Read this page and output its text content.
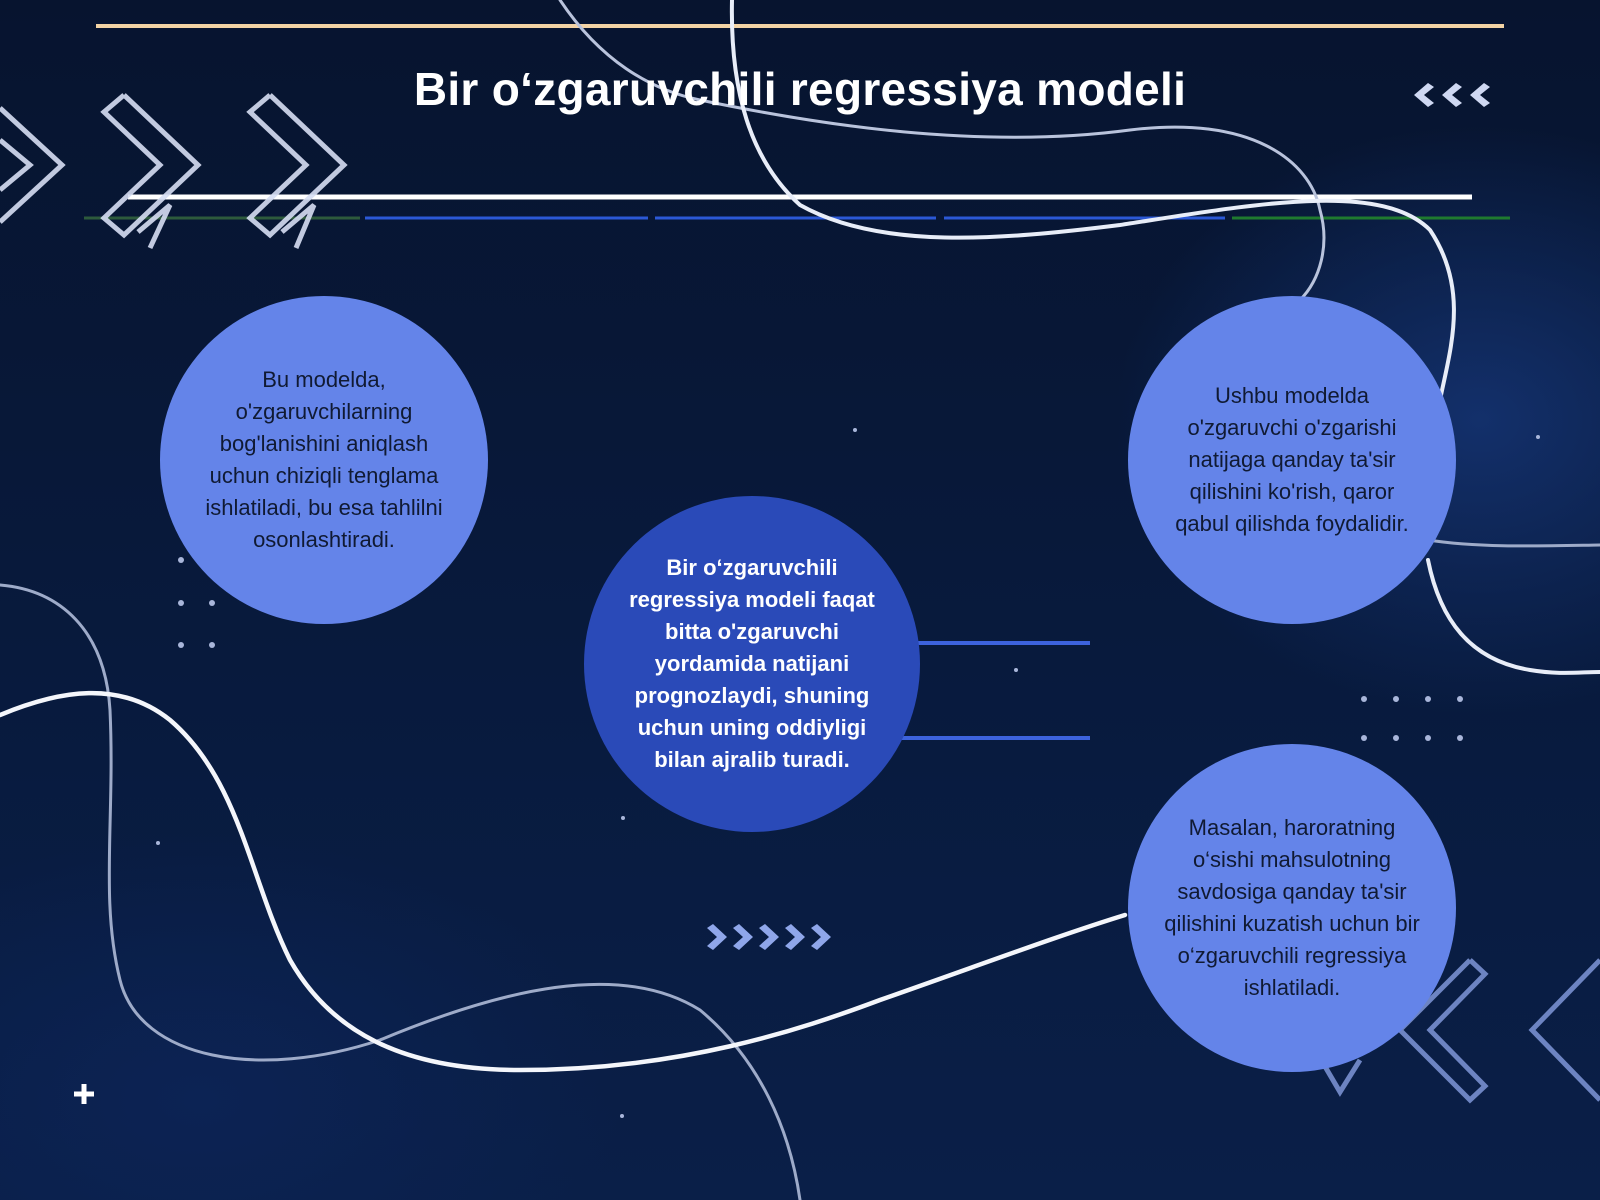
Bir o‘zgaruvchili regressiya modeli
Bu modelda, o'zgaruvchilarning bog'lanishini aniqlash uchun chiziqli tenglama ishlatiladi, bu esa tahlilni osonlashtiradi.
Bir o‘zgaruvchili regressiya modeli faqat bitta o'zgaruvchi yordamida natijani prognozlaydi, shuning uchun uning oddiyligi bilan ajralib turadi.
Ushbu modelda o'zgaruvchi o'zgarishi natijaga qanday ta'sir qilishini ko'rish, qaror qabul qilishda foydalidir.
Masalan, haroratning o‘sishi mahsulotning savdosiga qanday ta'sir qilishini kuzatish uchun bir o‘zgaruvchili regressiya ishlatiladi.
